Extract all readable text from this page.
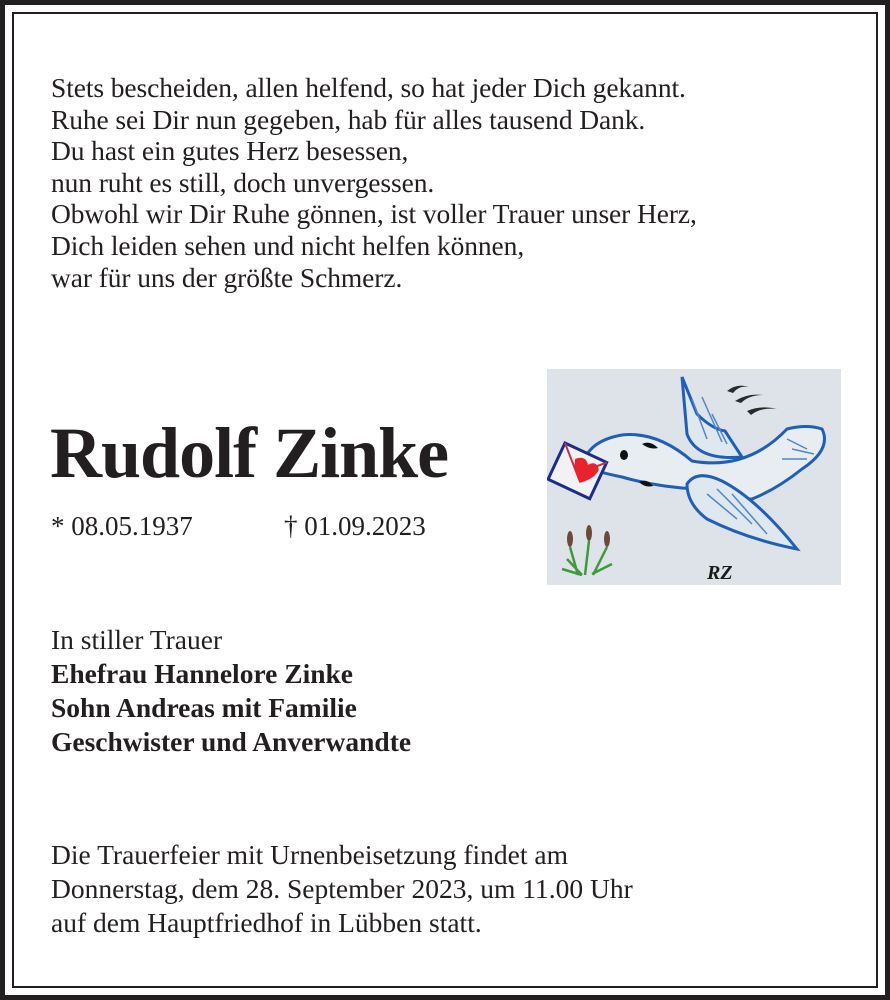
Stets bescheiden, allen helfend, so hat jeder Dich gekannt.
Ruhe sei Dir nun gegeben, hab für alles tausend Dank.
Du hast ein gutes Herz besessen,
nun ruht es still, doch unvergessen.
Obwohl wir Dir Ruhe gönnen, ist voller Trauer unser Herz,
Dich leiden sehen und nicht helfen können,
war für uns der größte Schmerz.
Rudolf Zinke
* 08.05.1937	† 01.09.2023
RZ
In stiller Trauer
Ehefrau Hannelore Zinke
Sohn Andreas mit Familie
Geschwister und Anverwandte
Die Trauerfeier mit Urnenbeisetzung findet am
Donnerstag, dem 28. September 2023, um 11.00 Uhr
auf dem Hauptfriedhof in Lübben statt.
